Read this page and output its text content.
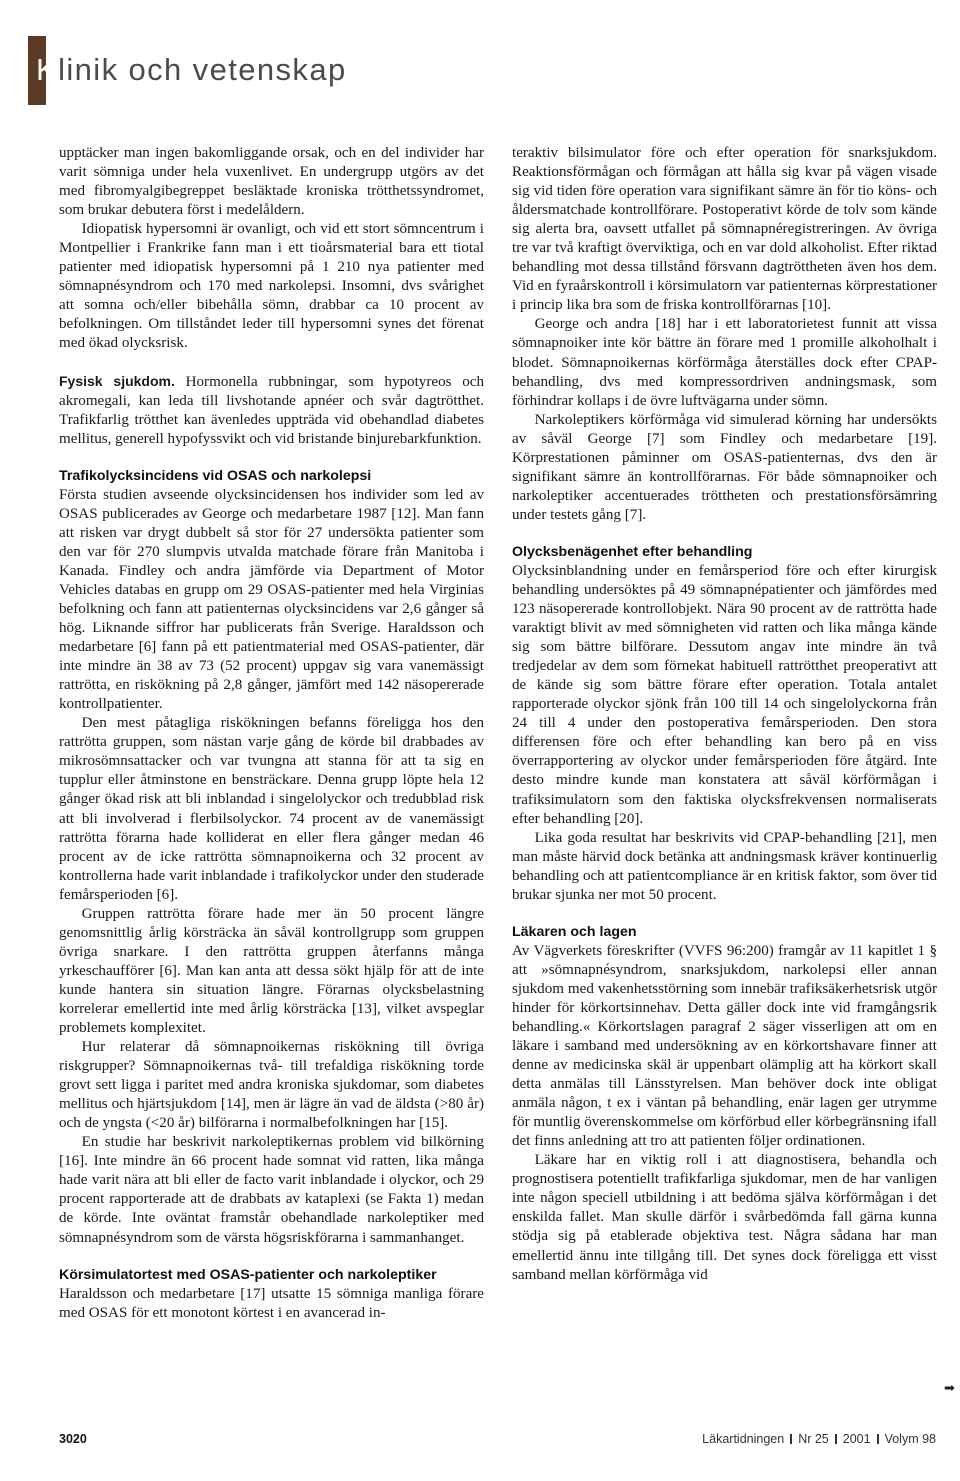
Klinik och vetenskap

upptäcker man ingen bakomliggande orsak, och en del individer har varit sömniga under hela vuxenlivet. En undergrupp utgörs av det med fibromyalgibegreppet besläktade kroniska trötthetssyndromet, som brukar debutera först i medelåldern.

Idiopatisk hypersomni är ovanligt, och vid ett stort sömncentrum i Montpellier i Frankrike fann man i ett tioårsmaterial bara ett tiotal patienter med idiopatisk hypersomni på 1 210 nya patienter med sömnapnésyndrom och 170 med narkolepsi. Insomni, dvs svårighet att somna och/eller bibehålla sömn, drabbar ca 10 procent av befolkningen. Om tillståndet leder till hypersomni synes det förenat med ökad olycksrisk.

Fysisk sjukdom. Hormonella rubbningar, som hypotyreos och akromegali, kan leda till livshotande apnéer och svår dagtrötthet. Trafikfarlig trötthet kan ävenledes uppträda vid obehandlad diabetes mellitus, generell hypofyssvikt och vid bristande binjurebarkfunktion.

Trafikolycksincidens vid OSAS och narkolepsi

Första studien avseende olycksincidensen hos individer som led av OSAS publicerades av George och medarbetare 1987 [12]. Man fann att risken var drygt dubbelt så stor för 27 undersökta patienter som den var för 270 slumpvis utvalda matchade förare från Manitoba i Kanada. Findley och andra jämförde via Department of Motor Vehicles databas en grupp om 29 OSAS-patienter med hela Virginias befolkning och fann att patienternas olycksincidens var 2,6 gånger så hög. Liknande siffror har publicerats från Sverige. Haraldsson och medarbetare [6] fann på ett patientmaterial med OSAS-patienter, där inte mindre än 38 av 73 (52 procent) uppgav sig vara vanemässigt rattrötta, en riskökning på 2,8 gånger, jämfört med 142 näsopererade kontrollpatienter.

Den mest påtagliga riskökningen befanns föreligga hos den rattrötta gruppen, som nästan varje gång de körde bil drabbades av mikrosömnsattacker och var tvungna att stanna för att ta sig en tupplur eller åtminstone en bensträckare. Denna grupp löpte hela 12 gånger ökad risk att bli inblandad i singelolyckor och tredubblad risk att bli involverad i flerbilsolyckor. 74 procent av de vanemässigt rattrötta förarna hade kolliderat en eller flera gånger medan 46 procent av de icke rattrötta sömnapnoikerna och 32 procent av kontrollerna hade varit inblandade i trafikolyckor under den studerade femårsperioden [6].

Gruppen rattrötta förare hade mer än 50 procent längre genomsnittlig årlig körsträcka än såväl kontrollgrupp som gruppen övriga snarkare. I den rattrötta gruppen återfanns många yrkeschaufförer [6]. Man kan anta att dessa sökt hjälp för att de inte kunde hantera sin situation längre. Förarnas olycksbelastning korrelerar emellertid inte med årlig körsträcka [13], vilket avspeglar problemets komplexitet.

Hur relaterar då sömnapnoikernas riskökning till övriga riskgrupper? Sömnapnoikernas två- till trefaldiga riskökning torde grovt sett ligga i paritet med andra kroniska sjukdomar, som diabetes mellitus och hjärtsjukdom [14], men är lägre än vad de äldsta (>80 år) och de yngsta (<20 år) bilförarna i normalbefolkningen har [15].

En studie har beskrivit narkoleptikernas problem vid bilkörning [16]. Inte mindre än 66 procent hade somnat vid ratten, lika många hade varit nära att bli eller de facto varit inblandade i olyckor, och 29 procent rapporterade att de drabbats av kataplexi (se Fakta 1) medan de körde. Inte oväntat framstår obehandlade narkoleptiker med sömnapnésyndrom som de värsta högsriskförarna i sammanhanget.

Körsimulatortest med OSAS-patienter och narkoleptiker

Haraldsson och medarbetare [17] utsatte 15 sömniga manliga förare med OSAS för ett monotont körtest i en avancerad in-

teraktiv bilsimulator före och efter operation för snarksjukdom. Reaktionsförmågan och förmågan att hålla sig kvar på vägen visade sig vid tiden före operation vara signifikant sämre än för tio köns- och åldersmatchade kontrollförare. Postoperativt körde de tolv som kände sig alerta bra, oavsett utfallet på sömnapnéregistreringen. Av övriga tre var två kraftigt överviktiga, och en var dold alkoholist. Efter riktad behandling mot dessa tillstånd försvann dagtröttheten även hos dem. Vid en fyraårskontroll i körsimulatorn var patienternas körprestationer i princip lika bra som de friska kontrollförarnas [10].

George och andra [18] har i ett laboratorietest funnit att vissa sömnapnoiker inte kör bättre än förare med 1 promille alkoholhalt i blodet. Sömnapnoikernas körförmåga återställes dock efter CPAP-behandling, dvs med kompressordriven andningsmask, som förhindrar kollaps i de övre luftvägarna under sömn.

Narkoleptikers körförmåga vid simulerad körning har undersökts av såväl George [7] som Findley och medarbetare [19]. Körprestationen påminner om OSAS-patienternas, dvs den är signifikant sämre än kontrollförarnas. För både sömnapnoiker och narkoleptiker accentuerades tröttheten och prestationsförsämring under testets gång [7].

Olycksbenägenhet efter behandling

Olycksinblandning under en femårsperiod före och efter kirurgisk behandling undersöktes på 49 sömnapnépatienter och jämfördes med 123 näsopererade kontrollobjekt. Nära 90 procent av de rattrötta hade varaktigt blivit av med sömnigheten vid ratten och lika många kände sig som bättre bilförare. Dessutom angav inte mindre än två tredjedelar av dem som förnekat habituell rattrötthet preoperativt att de kände sig som bättre förare efter operation. Totala antalet rapporterade olyckor sjönk från 100 till 14 och singelolyckorna från 24 till 4 under den postoperativa femårsperioden. Den stora differensen före och efter behandling kan bero på en viss överrapportering av olyckor under femårsperioden före åtgärd. Inte desto mindre kunde man konstatera att såväl körförmågan i trafiksimulatorn som den faktiska olycksfrekvensen normaliserats efter behandling [20].

Lika goda resultat har beskrivits vid CPAP-behandling [21], men man måste härvid dock betänka att andningsmask kräver kontinuerlig behandling och att patientcompliance är en kritisk faktor, som över tid brukar sjunka ner mot 50 procent.

Läkaren och lagen

Av Vägverkets föreskrifter (VVFS 96:200) framgår av 11 kapitlet 1 § att »sömnapnésyndrom, snarksjukdom, narkolepsi eller annan sjukdom med vakenhetsstörning som innebär trafiksäkerhetsrisk utgör hinder för körkortsinnehav. Detta gäller dock inte vid framgångsrik behandling.« Körkortslagen paragraf 2 säger visserligen att om en läkare i samband med undersökning av en körkortshavare finner att denne av medicinska skäl är uppenbart olämplig att ha körkort skall detta anmälas till Länsstyrelsen. Man behöver dock inte obligat anmäla någon, t ex i väntan på behandling, enär lagen ger utrymme för muntlig överenskommelse om körförbud eller körbegränsning ifall det finns anledning att tro att patienten följer ordinationen.

Läkare har en viktig roll i att diagnostisera, behandla och prognostisera potentiellt trafikfarliga sjukdomar, men de har vanligen inte någon speciell utbildning i att bedöma själva körförmågan i det enskilda fallet. Man skulle därför i svårbedömda fall gärna kunna stödja sig på etablerade objektiva test. Några sådana har man emellertid ännu inte tillgång till. Det synes dock föreligga ett visst samband mellan körförmåga vid

➡
3020	Läkartidningen Nr 25 2001 Volym 98
